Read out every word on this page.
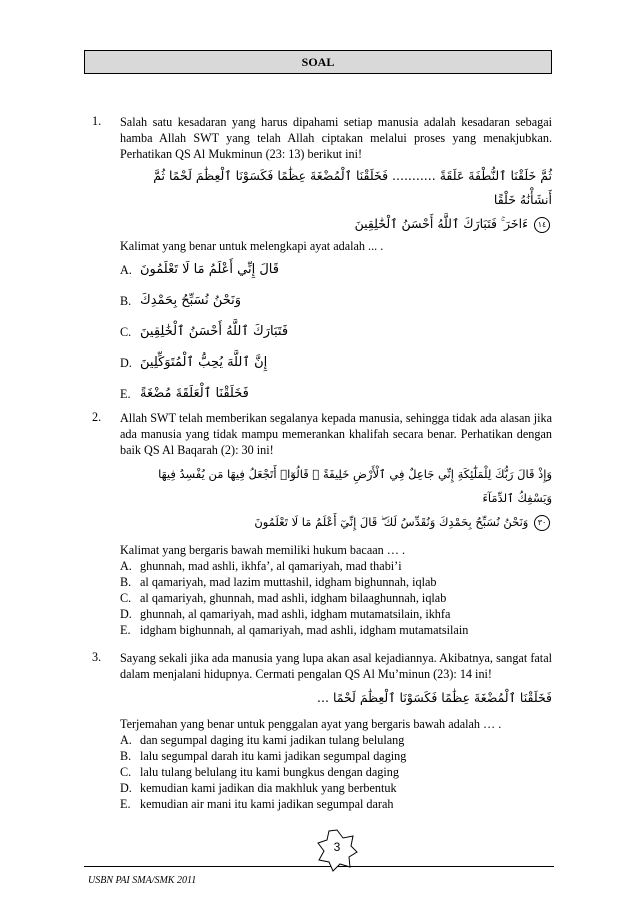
SOAL
1. Salah satu kesadaran yang harus dipahami setiap manusia adalah kesadaran sebagai hamba Allah SWT yang telah Allah ciptakan melalui proses yang menakjubkan. Perhatikan QS Al Mukminun (23: 13) berikut ini!
ثُمَّ خَلَقْنَا ٱلنُّطْفَةَ عَلَقَةً ........... فَخَلَقْنَا ٱلْمُضْغَةَ عِظَٰمًا فَكَسَوْنَا ٱلْعِظَٰمَ لَحْمًا ثُمَّ أَنشَأْنَٰهُ خَلْقًا
١٤ ءَاخَرَ ۚ فَتَبَارَكَ ٱللَّهُ أَحْسَنُ ٱلْخَٰلِقِينَ
Kalimat yang benar untuk melengkapi ayat adalah ... .
A. قَالَ إِنِّي أَعْلَمُ مَا لَا تَعْلَمُونَ
B. وَنَحْنُ نُسَبِّحُ بِحَمْدِكَ
C. فَتَبَارَكَ ٱللَّهُ أَحْسَنُ ٱلْخَٰلِقِينَ
D. إِنَّ ٱللَّهَ يُحِبُّ ٱلْمُتَوَكِّلِينَ
E. فَخَلَقْنَا ٱلْعَلَقَةَ مُضْغَةً
2. Allah SWT telah memberikan segalanya kepada manusia, sehingga tidak ada alasan jika ada manusia yang tidak mampu memerankan khalifah secara benar. Perhatikan dengan baik QS Al Baqarah (2): 30 ini!
وَإِذْ قَالَ رَبُّكَ لِلْمَلَٰٓئِكَةِ إِنِّي جَاعِلٌ فِي ٱلْأَرْضِ خَلِيفَةً ۖ قَالُوٓا۟ أَتَجْعَلُ فِيهَا مَن يُفْسِدُ فِيهَا وَيَسْفِكُ ٱلدِّمَآءَ
٣٠ وَنَحْنُ نُسَبِّحُ بِحَمْدِكَ وَنُقَدِّسُ لَكَ ۖ قَالَ إِنِّيٓ أَعْلَمُ مَا لَا تَعْلَمُونَ
Kalimat yang bergaris bawah memiliki hukum bacaan … .
A. ghunnah, mad ashli, ikhfa’, al qamariyah, mad thabi’i
B. al qamariyah, mad lazim muttashil, idgham bighunnah, iqlab
C. al qamariyah, ghunnah, mad ashli, idgham bilaaghunnah, iqlab
D. ghunnah, al qamariyah, mad ashli, idgham mutamatsilain, ikhfa
E. idgham bighunnah, al qamariyah, mad ashli, idgham mutamatsilain
3. Sayang sekali jika ada manusia yang lupa akan asal kejadiannya. Akibatnya, sangat fatal dalam menjalani hidupnya. Cermati pengalan QS Al Mu’minun (23): 14 ini!
فَخَلَقْنَا ٱلْمُضْغَةَ عِظَٰمًا فَكَسَوْنَا ٱلْعِظَٰمَ لَحْمًا ...
Terjemahan yang benar untuk penggalan ayat yang bergaris bawah adalah … .
A. dan segumpal daging itu kami jadikan tulang belulang
B. lalu segumpal darah itu kami jadikan segumpal daging
C. lalu tulang belulang itu kami bungkus dengan daging
D. kemudian kami jadikan dia makhluk yang berbentuk
E. kemudian air mani itu kami jadikan segumpal darah
USBN PAI SMA/SMK 2011
3
